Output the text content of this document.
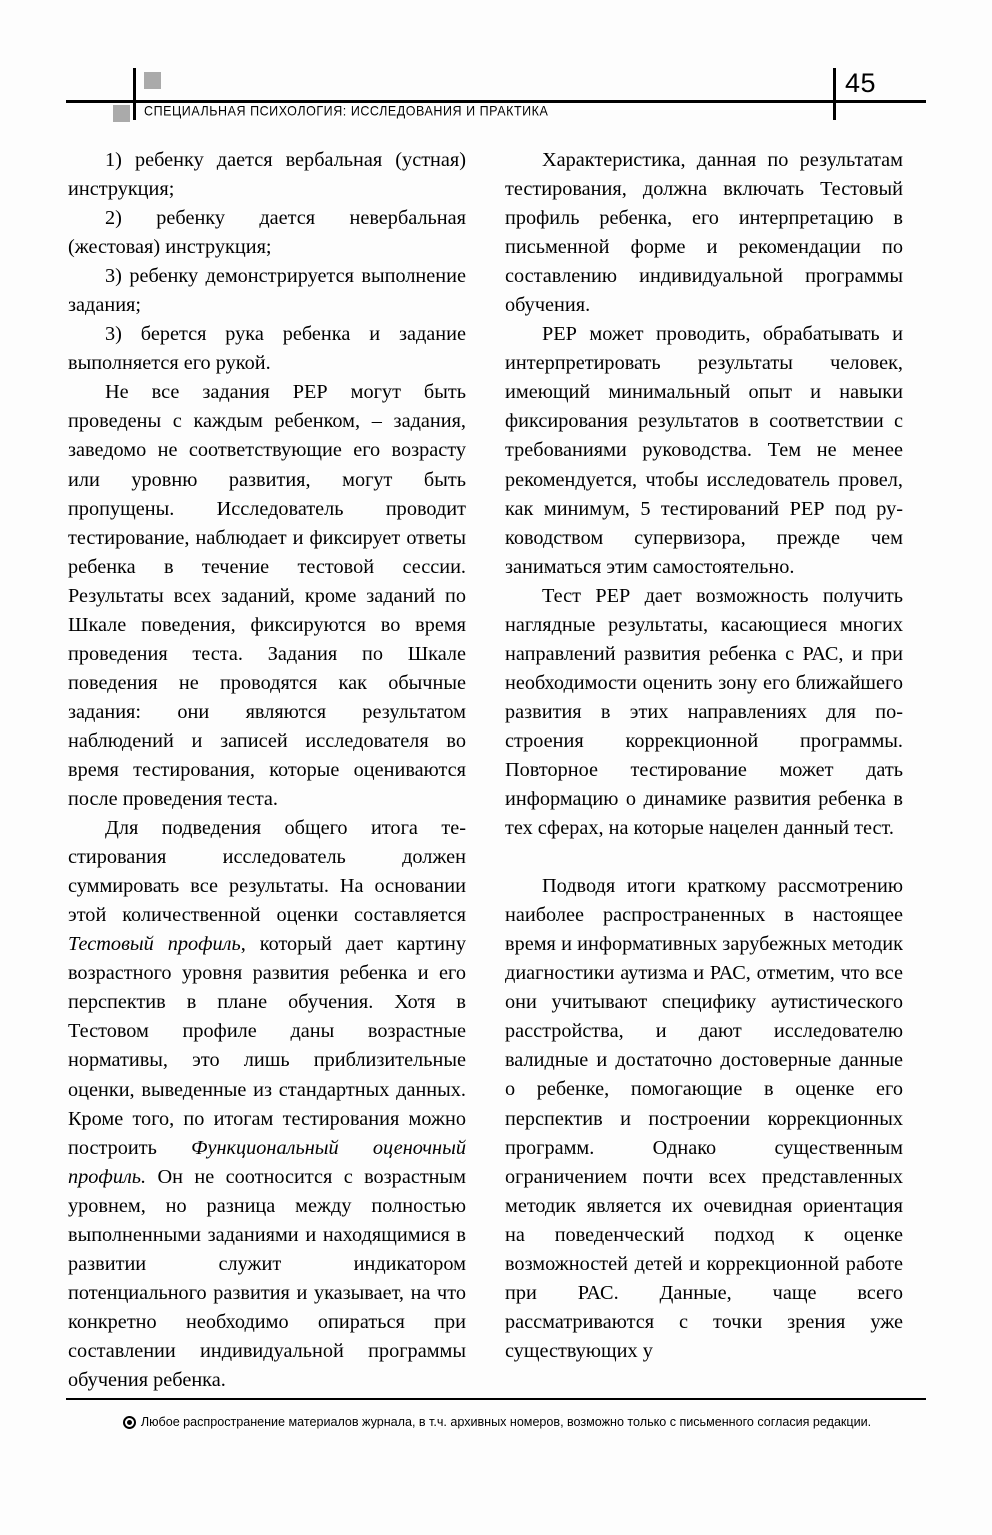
СПЕЦИАЛЬНАЯ ПСИХОЛОГИЯ: ИССЛЕДОВАНИЯ И ПРАКТИКА
45

1) ребенку дается вербальная (устная) инструкция;

2) ребенку дается невербальная (жестовая) инструкция;

3) ребенку демонстрируется выполнение задания;

3) берется рука ребенка и задание выполняется его рукой.

Не все задания РЕР могут быть проведены с каждым ребенком, – задания, заведомо не соответствующие его возрасту или уровню развития, могут быть пропущены. Исследователь проводит тестирование, наблюдает и фиксирует ответы ребенка в течение тестовой сессии. Результаты всех заданий, кроме заданий по Шкале поведения, фиксируются во время проведения теста. Задания по Шкале поведения не проводятся как обычные задания: они являются результатом наблюдений и записей исследователя во время тестирования, которые оцениваются после проведения теста.

Для подведения общего итога тестирования исследователь должен суммировать все результаты. На основании этой количественной оценки составляется Тестовый профиль, который дает картину возрастного уровня развития ребенка и его перспектив в плане обучения. Хотя в Тестовом профиле даны возрастные нормативы, это лишь приблизительные оценки, выведенные из стандартных данных. Кроме того, по итогам тестирования можно построить Функциональный оценочный профиль. Он не соотносится с возрастным уровнем, но разница между полностью выполненными заданиями и находящимися в развитии служит индикатором потенциального развития и указывает, на что конкретно необходимо опираться при составлении индивидуальной программы обучения ребенка.

Характеристика, данная по результатам тестирования, должна включать Тестовый профиль ребенка, его интерпретацию в письменной форме и рекомендации по составлению индивидуальной программы обучения.

РЕР может проводить, обрабатывать и интерпретировать результаты человек, имеющий минимальный опыт и навыки фиксирования результатов в соответствии с требованиями руководства. Тем не менее рекомендуется, чтобы исследователь провел, как минимум, 5 тестирований РЕР под руководством супервизора, прежде чем заниматься этим самостоятельно.

Тест РЕР дает возможность получить наглядные результаты, касающиеся многих направлений развития ребенка с РАС, и при необходимости оценить зону его ближайшего развития в этих направлениях для построения коррекционной программы. Повторное тестирование может дать информацию о динамике развития ребенка в тех сферах, на которые нацелен данный тест.

Подводя итоги краткому рассмотрению наиболее распространенных в настоящее время и информативных зарубежных методик диагностики аутизма и РАС, отметим, что все они учитывают специфику аутистического расстройства, и дают исследователю валидные и достаточно достоверные данные о ребенке, помогающие в оценке его перспектив и построении коррекционных программ. Однако существенным ограничением почти всех представленных методик является их очевидная ориентация на поведенческий подход к оценке возможностей детей и коррекционной работе при РАС. Данные, чаще всего рассматриваются с точки зрения уже существующих у

Любое распространение материалов журнала, в т.ч. архивных номеров, возможно только с письменного согласия редакции.
